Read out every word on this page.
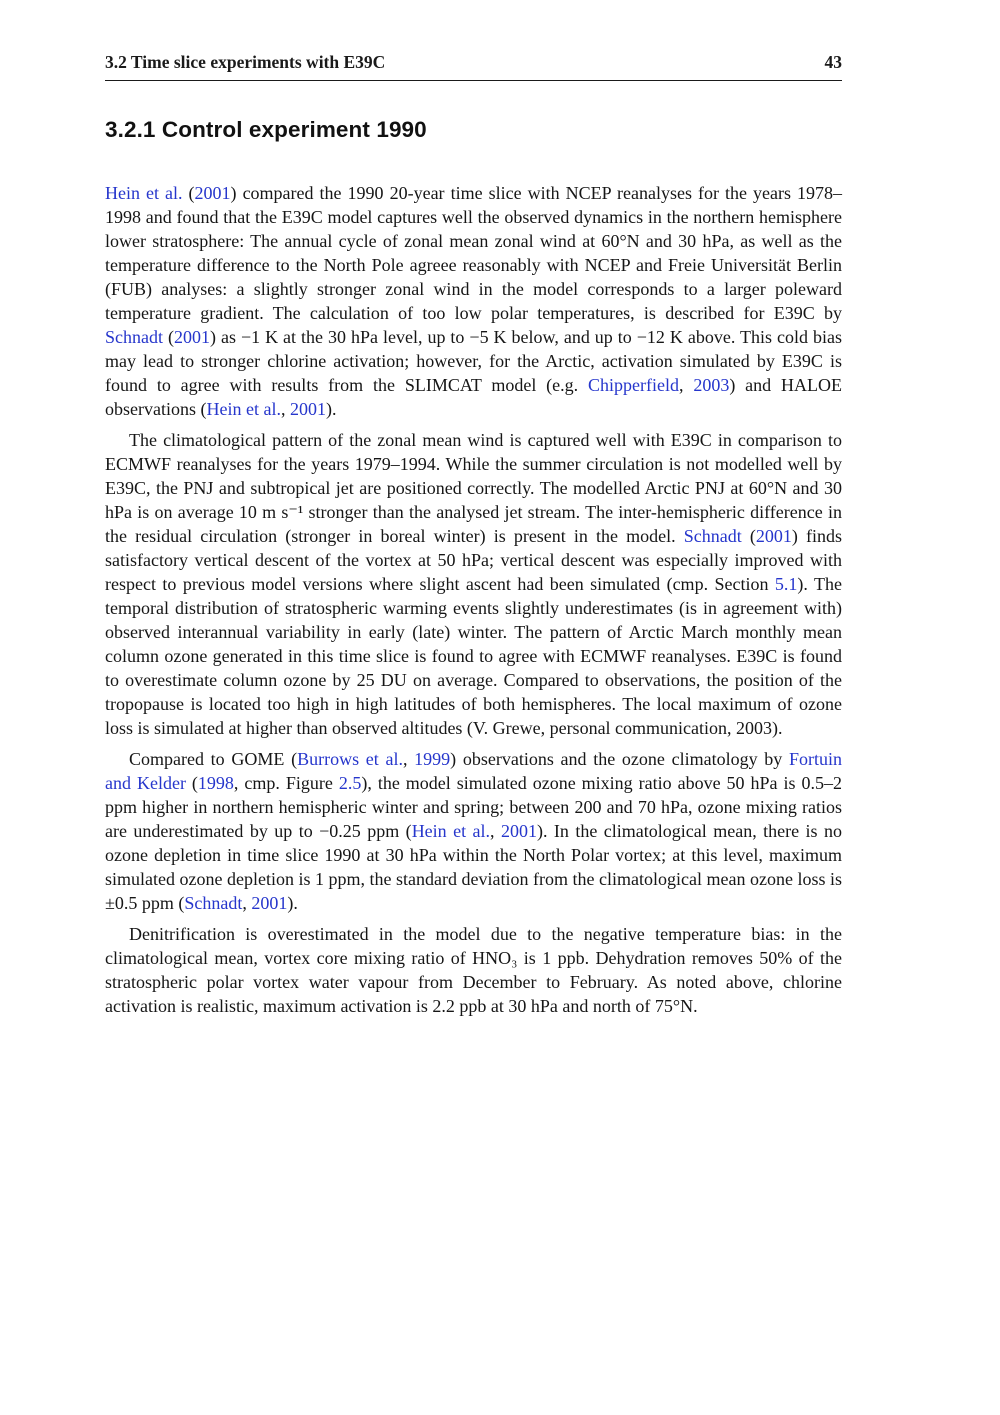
3.2 Time slice experiments with E39C	43
3.2.1 Control experiment 1990

Hein et al. (2001) compared the 1990 20-year time slice with NCEP reanalyses for the years 1978–1998 and found that the E39C model captures well the observed dynamics in the northern hemisphere lower stratosphere: The annual cycle of zonal mean zonal wind at 60°N and 30 hPa, as well as the temperature difference to the North Pole agreee reasonably with NCEP and Freie Universität Berlin (FUB) analyses: a slightly stronger zonal wind in the model corresponds to a larger poleward temperature gradient. The calculation of too low polar temperatures, is described for E39C by Schnadt (2001) as −1 K at the 30 hPa level, up to −5 K below, and up to −12 K above. This cold bias may lead to stronger chlorine activation; however, for the Arctic, activation simulated by E39C is found to agree with results from the SLIMCAT model (e.g. Chipperfield, 2003) and HALOE observations (Hein et al., 2001).

The climatological pattern of the zonal mean wind is captured well with E39C in comparison to ECMWF reanalyses for the years 1979–1994. While the summer circulation is not modelled well by E39C, the PNJ and subtropical jet are positioned correctly. The modelled Arctic PNJ at 60°N and 30 hPa is on average 10 m s⁻¹ stronger than the analysed jet stream. The inter-hemispheric difference in the residual circulation (stronger in boreal winter) is present in the model. Schnadt (2001) finds satisfactory vertical descent of the vortex at 50 hPa; vertical descent was especially improved with respect to previous model versions where slight ascent had been simulated (cmp. Section 5.1). The temporal distribution of stratospheric warming events slightly underestimates (is in agreement with) observed interannual variability in early (late) winter. The pattern of Arctic March monthly mean column ozone generated in this time slice is found to agree with ECMWF reanalyses. E39C is found to overestimate column ozone by 25 DU on average. Compared to observations, the position of the tropopause is located too high in high latitudes of both hemispheres. The local maximum of ozone loss is simulated at higher than observed altitudes (V. Grewe, personal communication, 2003).

Compared to GOME (Burrows et al., 1999) observations and the ozone climatology by Fortuin and Kelder (1998, cmp. Figure 2.5), the model simulated ozone mixing ratio above 50 hPa is 0.5–2 ppm higher in northern hemispheric winter and spring; between 200 and 70 hPa, ozone mixing ratios are underestimated by up to −0.25 ppm (Hein et al., 2001). In the climatological mean, there is no ozone depletion in time slice 1990 at 30 hPa within the North Polar vortex; at this level, maximum simulated ozone depletion is 1 ppm, the standard deviation from the climatological mean ozone loss is ±0.5 ppm (Schnadt, 2001).

Denitrification is overestimated in the model due to the negative temperature bias: in the climatological mean, vortex core mixing ratio of HNO₃ is 1 ppb. Dehydration removes 50% of the stratospheric polar vortex water vapour from December to February. As noted above, chlorine activation is realistic, maximum activation is 2.2 ppb at 30 hPa and north of 75°N.
